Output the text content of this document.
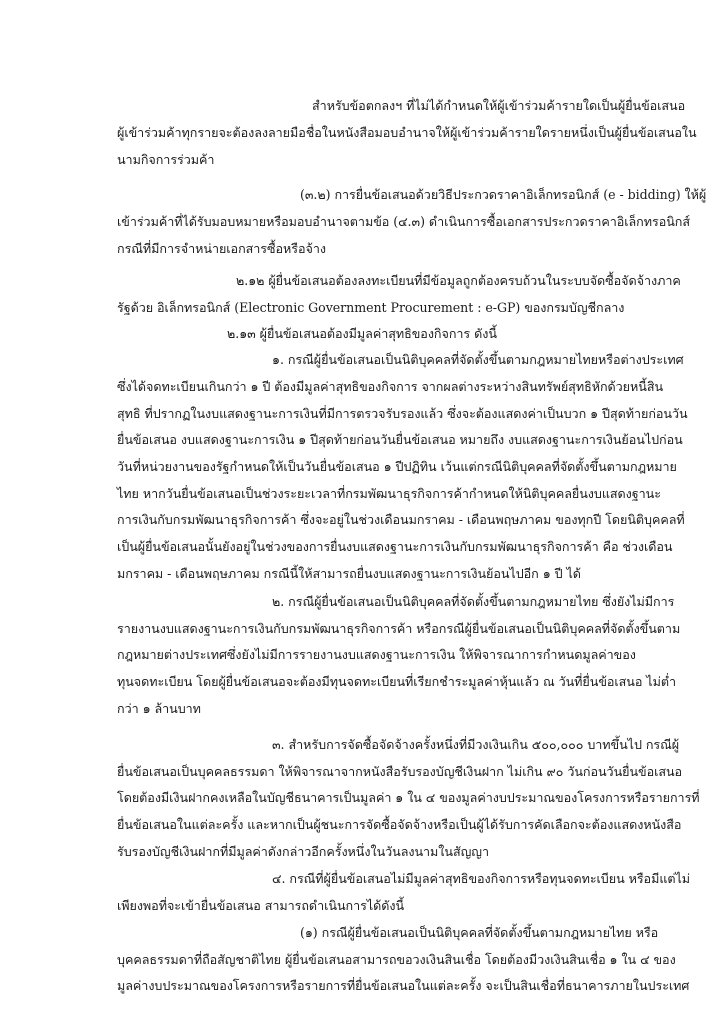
สำหรับข้อตกลงฯ ที่ไม่ได้กำหนดให้ผู้เข้าร่วมค้ารายใดเป็นผู้ยื่นข้อเสนอ
ผู้เข้าร่วมค้าทุกรายจะต้องลงลายมือชื่อในหนังสือมอบอำนาจให้ผู้เข้าร่วมค้ารายใดรายหนึ่งเป็นผู้ยื่นข้อเสนอใน
นามกิจการร่วมค้า
(๓.๒) การยื่นข้อเสนอด้วยวิธีประกวดราคาอิเล็กทรอนิกส์ (e - bidding) ให้ผู้
เข้าร่วมค้าที่ได้รับมอบหมายหรือมอบอำนาจตามข้อ (๔.๓) ดำเนินการซื้อเอกสารประกวดราคาอิเล็กทรอนิกส์
กรณีที่มีการจำหน่ายเอกสารซื้อหรือจ้าง
๒.๑๒ ผู้ยื่นข้อเสนอต้องลงทะเบียนที่มีข้อมูลถูกต้องครบถ้วนในระบบจัดซื้อจัดจ้างภาค
รัฐด้วย อิเล็กทรอนิกส์ (Electronic Government Procurement : e-GP) ของกรมบัญชีกลาง
๒.๑๓ ผู้ยื่นข้อเสนอต้องมีมูลค่าสุทธิของกิจการ ดังนี้
๑. กรณีผู้ยื่นข้อเสนอเป็นนิติบุคคลที่จัดตั้งขึ้นตามกฎหมายไทยหรือต่างประเทศ
ซึ่งได้จดทะเบียนเกินกว่า ๑ ปี ต้องมีมูลค่าสุทธิของกิจการ จากผลต่างระหว่างสินทรัพย์สุทธิหักด้วยหนี้สิน
สุทธิ ที่ปรากฏในงบแสดงฐานะการเงินที่มีการตรวจรับรองแล้ว ซึ่งจะต้องแสดงค่าเป็นบวก ๑ ปีสุดท้ายก่อนวัน
ยื่นข้อเสนอ งบแสดงฐานะการเงิน ๑ ปีสุดท้ายก่อนวันยื่นข้อเสนอ หมายถึง งบแสดงฐานะการเงินย้อนไปก่อน
วันที่หน่วยงานของรัฐกำหนดให้เป็นวันยื่นข้อเสนอ ๑ ปีปฏิทิน เว้นแต่กรณีนิติบุคคลที่จัดตั้งขึ้นตามกฎหมาย
ไทย หากวันยื่นข้อเสนอเป็นช่วงระยะเวลาที่กรมพัฒนาธุรกิจการค้ากำหนดให้นิติบุคคลยื่นงบแสดงฐานะ
การเงินกับกรมพัฒนาธุรกิจการค้า ซึ่งจะอยู่ในช่วงเดือนมกราคม - เดือนพฤษภาคม ของทุกปี โดยนิติบุคคลที่
เป็นผู้ยื่นข้อเสนอนั้นยังอยู่ในช่วงของการยื่นงบแสดงฐานะการเงินกับกรมพัฒนาธุรกิจการค้า คือ ช่วงเดือน
มกราคม - เดือนพฤษภาคม กรณีนี้ให้สามารถยื่นงบแสดงฐานะการเงินย้อนไปอีก ๑ ปี ได้
๒. กรณีผู้ยื่นข้อเสนอเป็นนิติบุคคลที่จัดตั้งขึ้นตามกฎหมายไทย ซึ่งยังไม่มีการ
รายงานงบแสดงฐานะการเงินกับกรมพัฒนาธุรกิจการค้า หรือกรณีผู้ยื่นข้อเสนอเป็นนิติบุคคลที่จัดตั้งขึ้นตาม
กฎหมายต่างประเทศซึ่งยังไม่มีการรายงานงบแสดงฐานะการเงิน ให้พิจารณาการกำหนดมูลค่าของ
ทุนจดทะเบียน โดยผู้ยื่นข้อเสนอจะต้องมีทุนจดทะเบียนที่เรียกชำระมูลค่าหุ้นแล้ว ณ วันที่ยื่นข้อเสนอ ไม่ต่ำ
กว่า ๑ ล้านบาท
๓. สำหรับการจัดซื้อจัดจ้างครั้งหนึ่งที่มีวงเงินเกิน ๕๐๐,๐๐๐ บาทขึ้นไป กรณีผู้
ยื่นข้อเสนอเป็นบุคคลธรรมดา ให้พิจารณาจากหนังสือรับรองบัญชีเงินฝาก ไม่เกิน ๙๐ วันก่อนวันยื่นข้อเสนอ
โดยต้องมีเงินฝากคงเหลือในบัญชีธนาคารเป็นมูลค่า ๑ ใน ๔ ของมูลค่างบประมาณของโครงการหรือรายการที่
ยื่นข้อเสนอในแต่ละครั้ง และหากเป็นผู้ชนะการจัดซื้อจัดจ้างหรือเป็นผู้ได้รับการคัดเลือกจะต้องแสดงหนังสือ
รับรองบัญชีเงินฝากที่มีมูลค่าดังกล่าวอีกครั้งหนึ่งในวันลงนามในสัญญา
๔. กรณีที่ผู้ยื่นข้อเสนอไม่มีมูลค่าสุทธิของกิจการหรือทุนจดทะเบียน หรือมีแต่ไม่
เพียงพอที่จะเข้ายื่นข้อเสนอ สามารถดำเนินการได้ดังนี้
(๑) กรณีผู้ยื่นข้อเสนอเป็นนิติบุคคลที่จัดตั้งขึ้นตามกฎหมายไทย หรือ
บุคคลธรรมดาที่ถือสัญชาติไทย ผู้ยื่นข้อเสนอสามารถขอวงเงินสินเชื่อ โดยต้องมีวงเงินสินเชื่อ ๑ ใน ๔ ของ
มูลค่างบประมาณของโครงการหรือรายการที่ยื่นข้อเสนอในแต่ละครั้ง จะเป็นสินเชื่อที่ธนาคารภายในประเทศ
